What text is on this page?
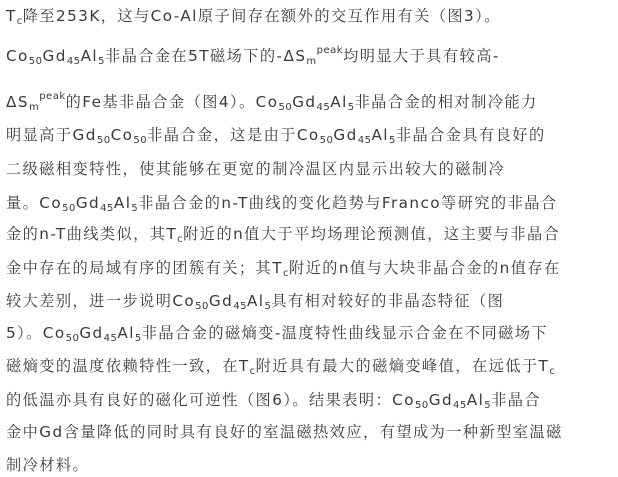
$T_c$降至253K，这与Co-Al原子间存在额外的交互作用有关（图3）。
$Co_{50}Gd_{45}Al_5$非晶合金在5T磁场下的$-\Delta S_m^{peak}$均明显大于具有较高-
$\Delta S_m^{peak}$的Fe基非晶合金（图4）。$Co_{50}Gd_{45}Al_5$非晶合金的相对制冷能力
明显高于$Gd_{50}Co_{50}$非晶合金，这是由于$Co_{50}Gd_{45}Al_5$非晶合金具有良好的
二级磁相变特性，使其能够在更宽的制冷温区内显示出较大的磁制冷
量。$Co_{50}Gd_{45}Al_5$非晶合金的n-T曲线的变化趋势与Franco等研究的非晶合
金的n-T曲线类似，其$T_c$附近的n值大于平均场理论预测值，这主要与非晶合
金中存在的局域有序的团簇有关；其$T_c$附近的n值与大块非晶合金的n值存在
较大差别，进一步说明$Co_{50}Gd_{45}Al_5$具有相对较好的非晶态特征（图
5）。$Co_{50}Gd_{45}Al_5$非晶合金的磁熵变-温度特性曲线显示合金在不同磁场下
磁熵变的温度依赖特性一致，在$T_c$附近具有最大的磁熵变峰值，在远低于$T_c$
的低温亦具有良好的磁化可逆性（图6）。结果表明：$Co_{50}Gd_{45}Al_5$非晶合
金中Gd含量降低的同时具有良好的室温磁热效应，有望成为一种新型室温磁
制冷材料。
